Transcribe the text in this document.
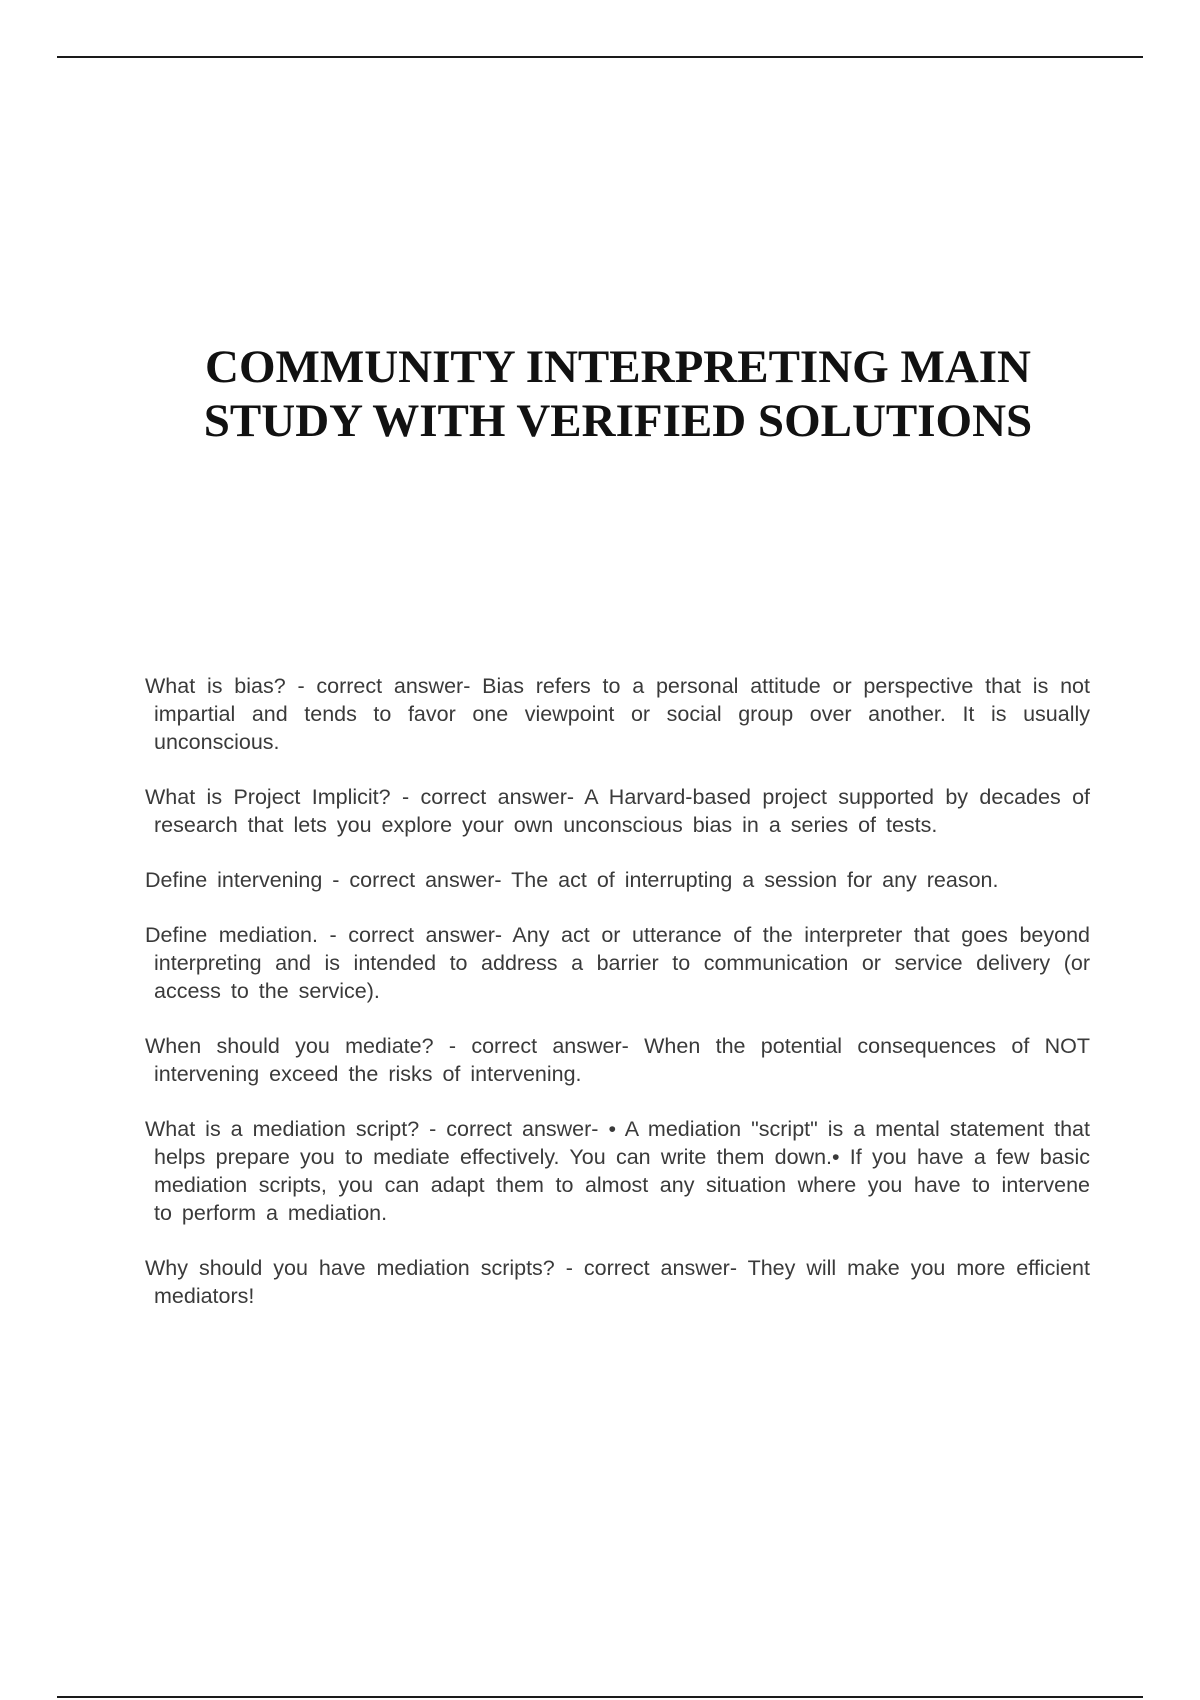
COMMUNITY INTERPRETING MAIN
STUDY WITH VERIFIED SOLUTIONS
What is bias? - correct answer- Bias refers to a personal attitude or perspective that is not impartial and tends to favor one viewpoint or social group over another. It is usually unconscious.
What is Project Implicit? - correct answer- A Harvard-based project supported by decades of research that lets you explore your own unconscious bias in a series of tests.
Define intervening - correct answer- The act of interrupting a session for any reason.
Define mediation. - correct answer- Any act or utterance of the interpreter that goes beyond interpreting and is intended to address a barrier to communication or service delivery (or access to the service).
When should you mediate? - correct answer- When the potential consequences of NOT intervening exceed the risks of intervening.
What is a mediation script? - correct answer- • A mediation "script" is a mental statement that helps prepare you to mediate effectively. You can write them down.• If you have a few basic mediation scripts, you can adapt them to almost any situation where you have to intervene to perform a mediation.
Why should you have mediation scripts? - correct answer- They will make you more efficient mediators!
